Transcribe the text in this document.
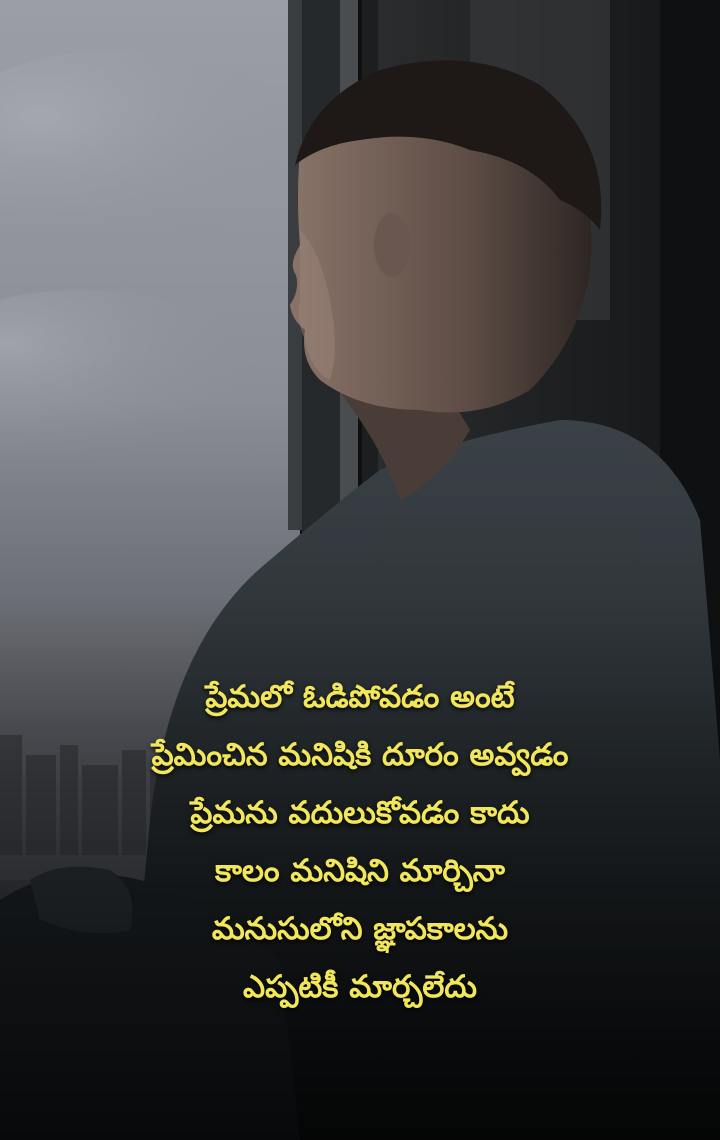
ప్రేమలో ఓడిపోవడం అంటే
ప్రేమించిన మనిషికి దూరం అవ్వడం
ప్రేమను వదులుకోవడం కాదు
కాలం మనిషిని మార్చినా
మనుసులోని జ్ఞాపకాలను
ఎప్పటికీ మార్చలేదు
